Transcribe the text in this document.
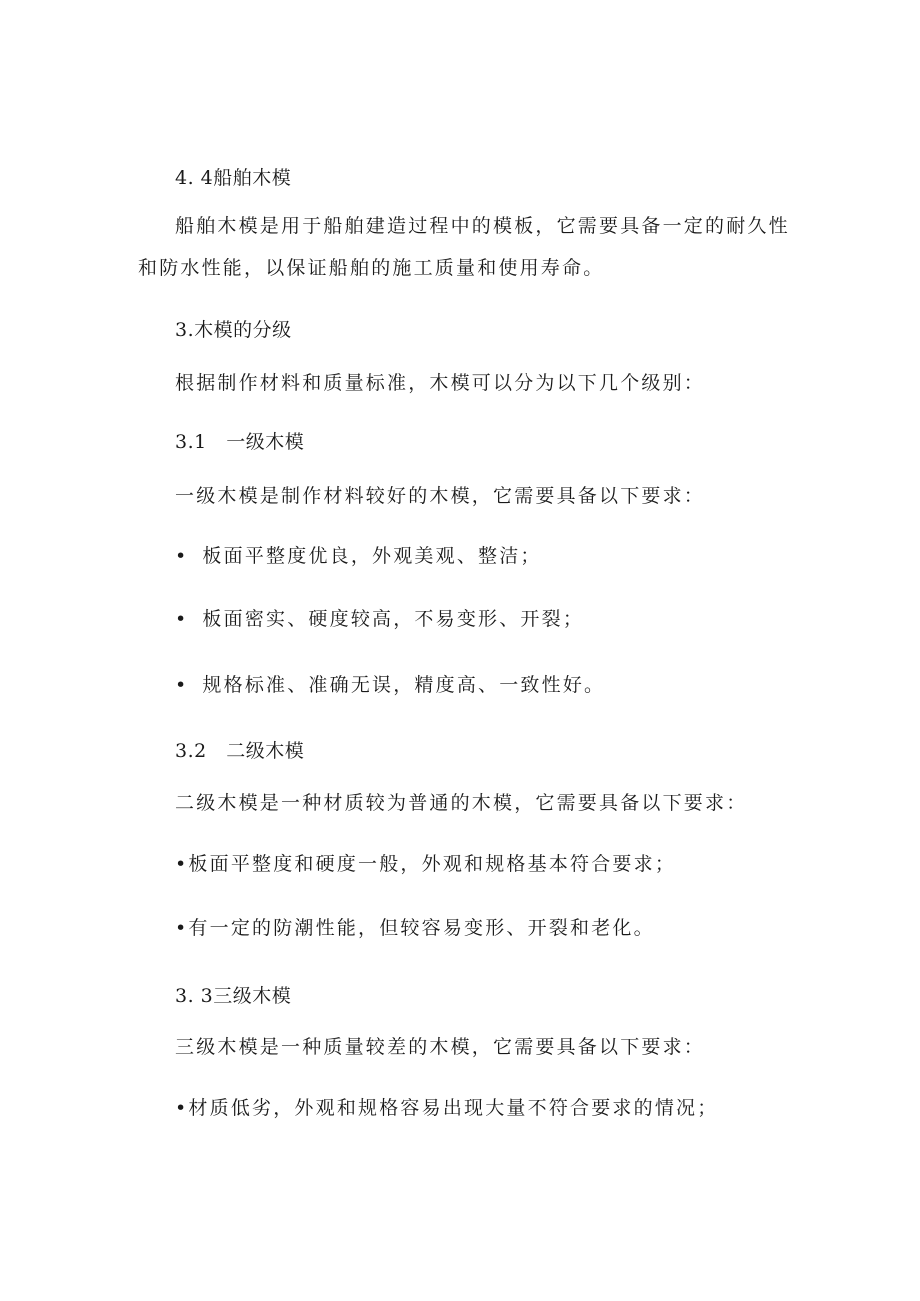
4. 4船舶木模
船舶木模是用于船舶建造过程中的模板，它需要具备一定的耐久性
和防水性能，以保证船舶的施工质量和使用寿命。
3.木模的分级
根据制作材料和质量标准，木模可以分为以下几个级别：
3.1　一级木模
一级木模是制作材料较好的木模，它需要具备以下要求：
• 板面平整度优良，外观美观、整洁；
• 板面密实、硬度较高，不易变形、开裂；
• 规格标准、准确无误，精度高、一致性好。
3.2　二级木模
二级木模是一种材质较为普通的木模，它需要具备以下要求：
•板面平整度和硬度一般，外观和规格基本符合要求；
•有一定的防潮性能，但较容易变形、开裂和老化。
3. 3三级木模
三级木模是一种质量较差的木模，它需要具备以下要求：
•材质低劣，外观和规格容易出现大量不符合要求的情况；
